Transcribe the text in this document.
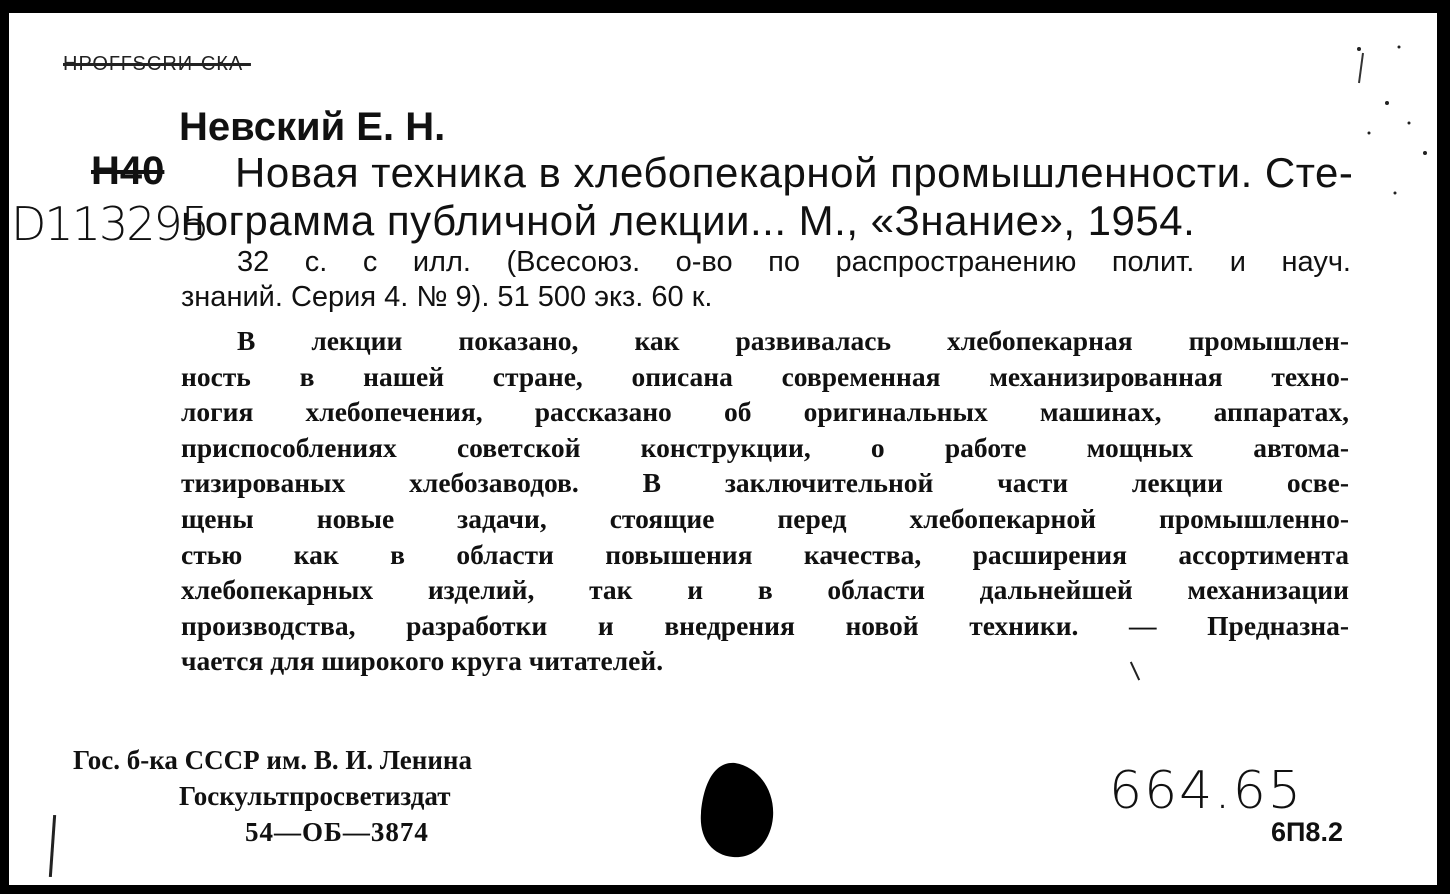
НРОГГSCRИ-СКА-
Невский Е. Н.
Н40 Новая техника в хлебопекарной промышленности. Сте-
D113295
нограмма публичной лекции... М., «Знание», 1954.
32 с. с илл. (Всесоюз. о-во по распространению полит. и науч.
знаний. Серия 4. № 9). 51 500 экз. 60 к.
В лекции показано, как развивалась хлебопекарная промышлен-
ность в нашей стране, описана современная механизированная техно-
логия хлебопечения, рассказано об оригинальных машинах, аппаратах,
приспособлениях советской конструкции, о работе мощных автома-
тизированых хлебозаводов. В заключительной части лекции осве-
щены новые задачи, стоящие перед хлебопекарной промышленно-
стью как в области повышения качества, расширения ассортимента
хлебопекарных изделий, так и в области дальнейшей механизации
производства, разработки и внедрения новой техники. — Предназна-
чается для широкого круга читателей.
Гос. б-ка СССР им. В. И. Ленина
Госкультпросветиздат
54—ОБ—3874
664.65
6П8.2
